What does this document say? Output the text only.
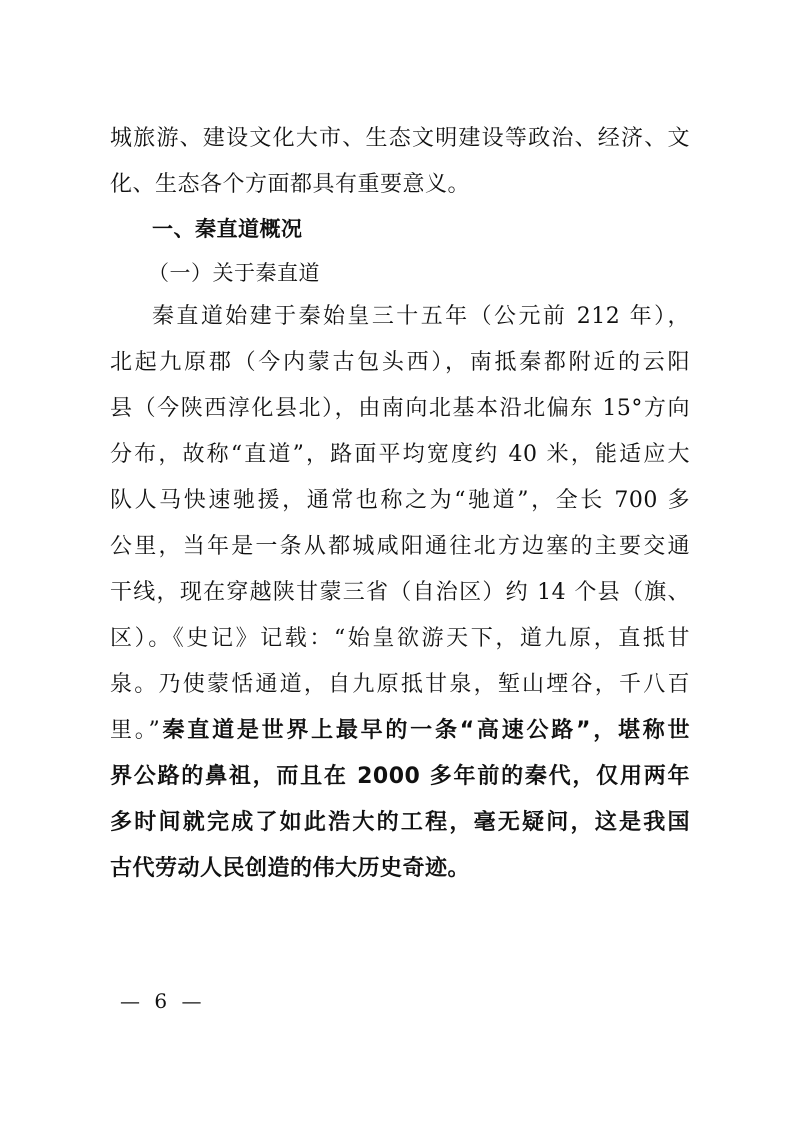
城旅游、建设文化大市、生态文明建设等政治、经济、文
化、生态各个方面都具有重要意义。
一、秦直道概况
（一）关于秦直道
秦直道始建于秦始皇三十五年（公元前 212 年），
北起九原郡（今内蒙古包头西），南抵秦都附近的云阳
县（今陕西淳化县北），由南向北基本沿北偏东 15°方向
分布，故称“直道”，路面平均宽度约 40 米，能适应大
队人马快速驰援，通常也称之为“驰道”，全长 700 多
公里，当年是一条从都城咸阳通往北方边塞的主要交通
干线，现在穿越陕甘蒙三省（自治区）约 14 个县（旗、
区）。《史记》记载：“始皇欲游天下，道九原，直抵甘
泉。乃使蒙恬通道，自九原抵甘泉，堑山堙谷，千八百
里。”秦直道是世界上最早的一条“高速公路”，堪称世
界公路的鼻祖，而且在 2000 多年前的秦代，仅用两年
多时间就完成了如此浩大的工程，毫无疑问，这是我国
古代劳动人民创造的伟大历史奇迹。
— 6 —
